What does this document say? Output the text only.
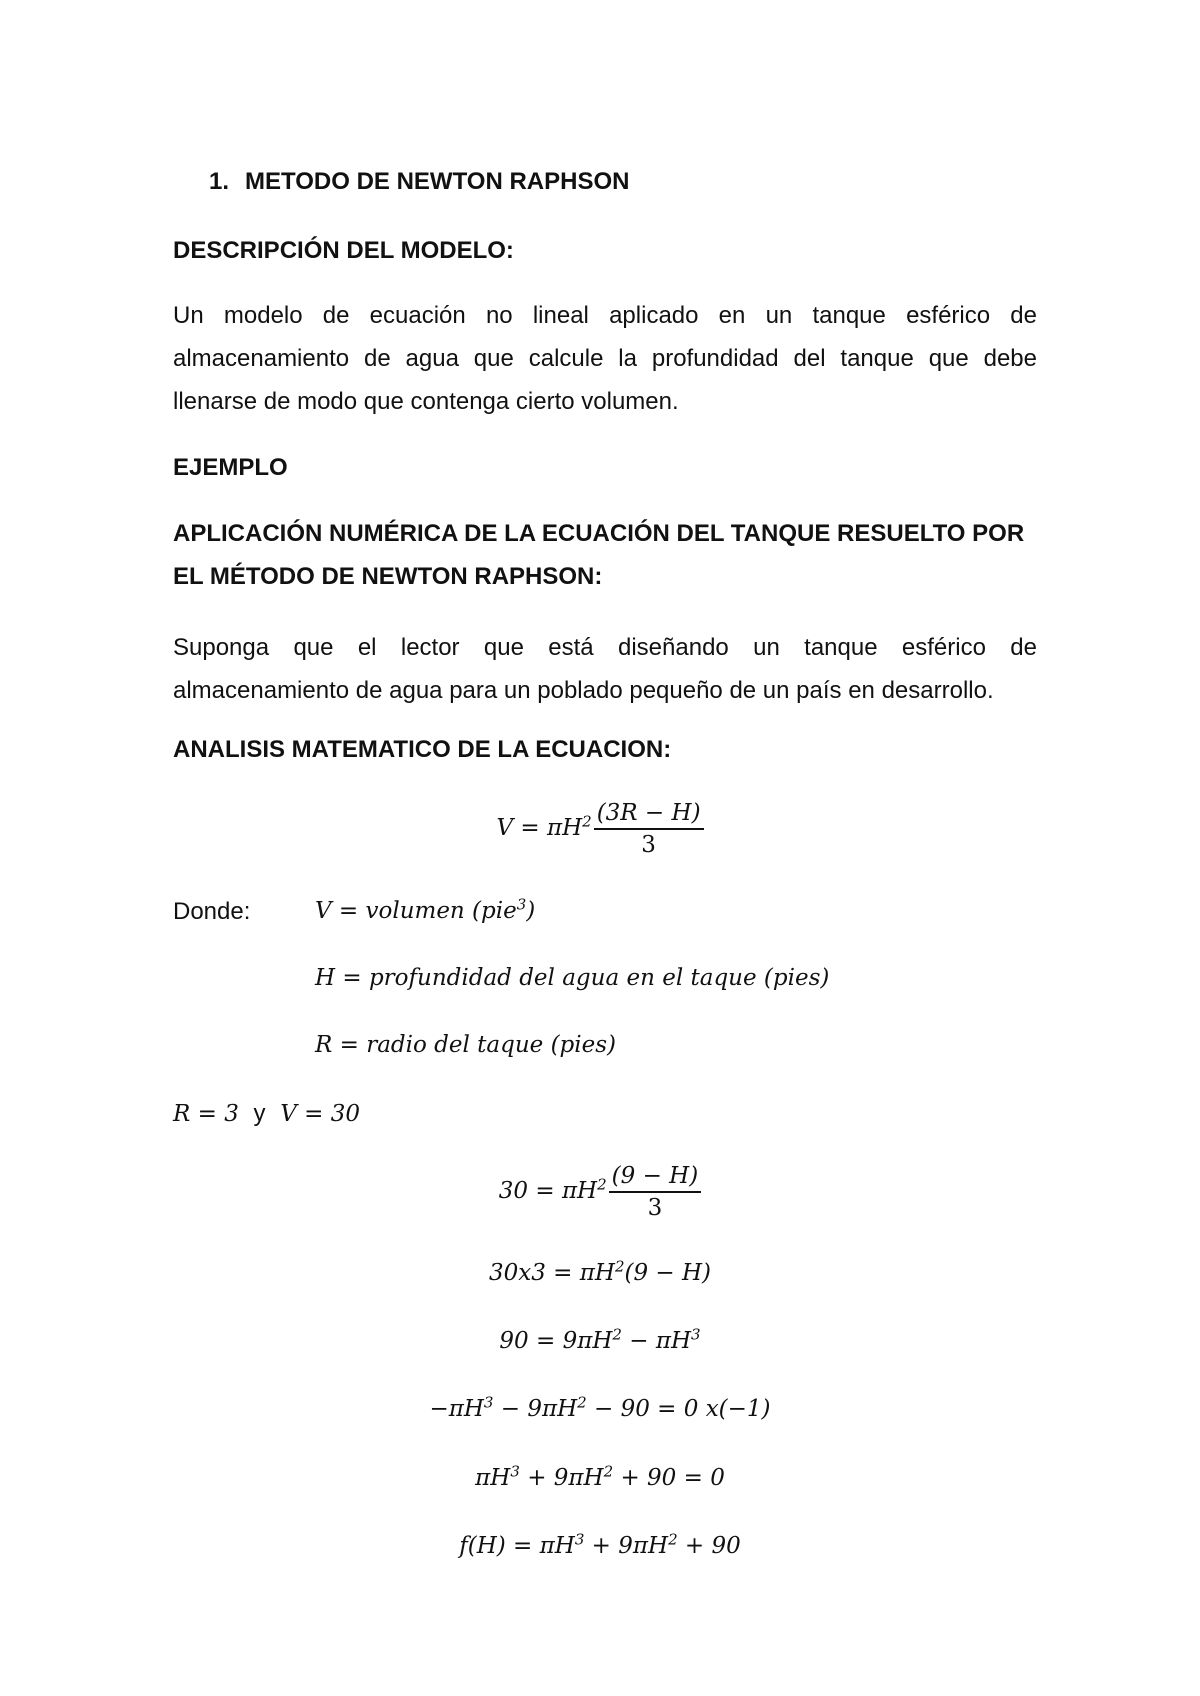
1. METODO DE NEWTON RAPHSON
DESCRIPCIÓN DEL MODELO:
Un modelo de ecuación no lineal aplicado en un tanque esférico de
almacenamiento de agua que calcule la profundidad del tanque que debe
llenarse de modo que contenga cierto volumen.
EJEMPLO
APLICACIÓN NUMÉRICA DE LA ECUACIÓN DEL TANQUE RESUELTO POR
EL MÉTODO DE NEWTON RAPHSON:
Suponga que el lector que está diseñando un tanque esférico de
almacenamiento de agua para un poblado pequeño de un país en desarrollo.
ANALISIS MATEMATICO DE LA ECUACION:
$V = \pi H^2 \frac{(3R - H)}{3}$
Donde:	V = volumen (pie$^3$)
H = profundidad del agua en el taque (pies)
R = radio del taque (pies)
R = 3 y V = 30
$30 = \pi H^2 \frac{(9 - H)}{3}$
$30x3 = \pi H^2(9 - H)$
$90 = 9\pi H^2 - \pi H^3$
$-\pi H^3 - 9\pi H^2 - 90 = 0$ x(−1)
$\pi H^3 + 9\pi H^2 + 90 = 0$
$f(H) = \pi H^3 + 9\pi H^2 + 90$
